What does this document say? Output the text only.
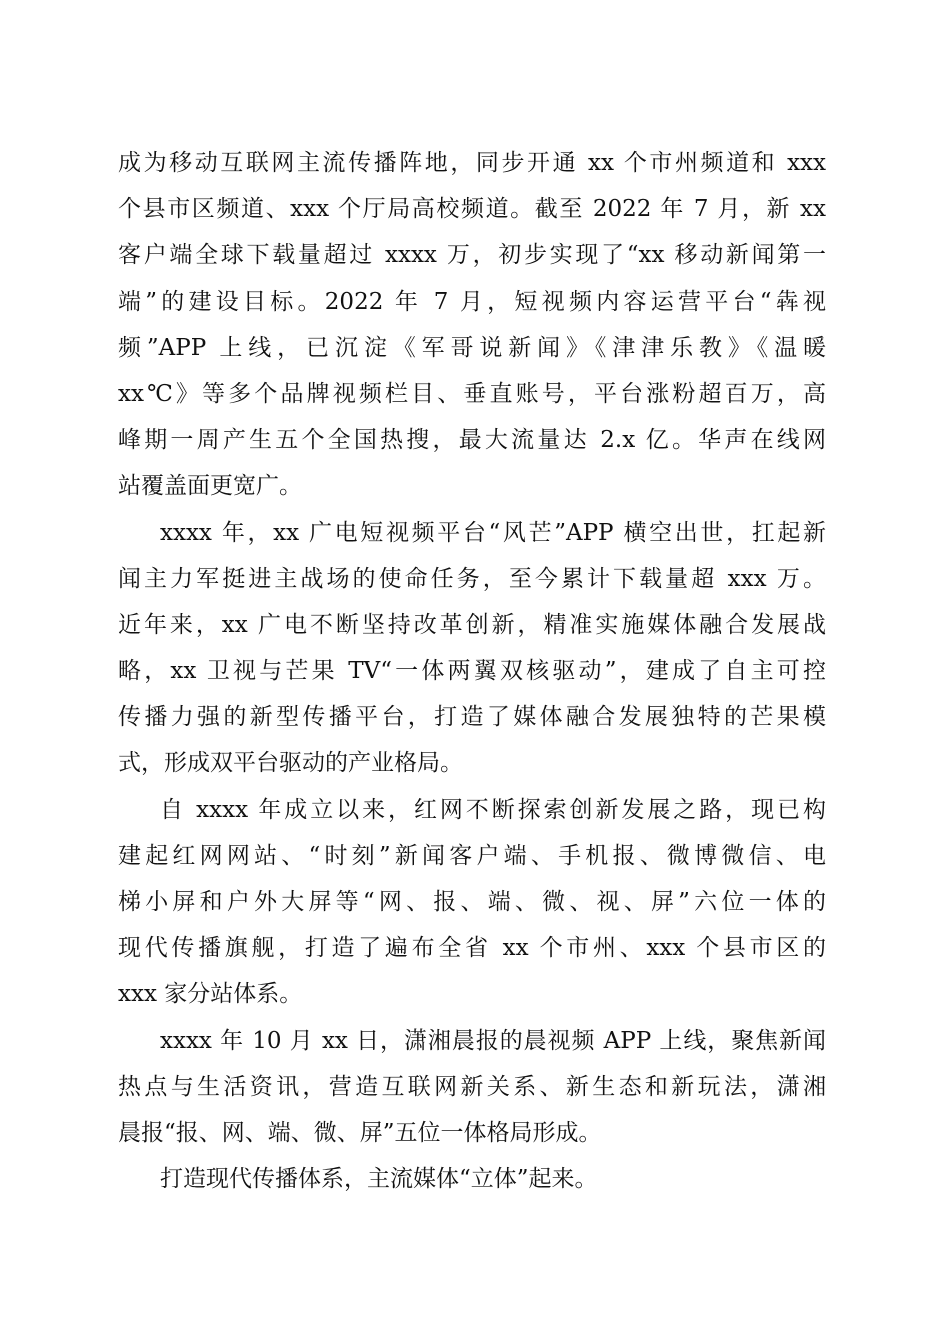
成为移动互联网主流传播阵地，同步开通 xx 个市州频道和 xxx
个县市区频道、xxx 个厅局高校频道。截至 2022 年 7 月，新 xx
客户端全球下载量超过 xxxx 万，初步实现了“xx 移动新闻第一
端”的建设目标。2022 年 7 月，短视频内容运营平台“犇视
频”APP 上线，已沉淀《军哥说新闻》《津津乐教》《温暖
xx℃》等多个品牌视频栏目、垂直账号，平台涨粉超百万，高
峰期一周产生五个全国热搜，最大流量达 2.x 亿。华声在线网
站覆盖面更宽广。
xxxx 年，xx 广电短视频平台“风芒”APP 横空出世，扛起新
闻主力军挺进主战场的使命任务，至今累计下载量超 xxx 万。
近年来，xx 广电不断坚持改革创新，精准实施媒体融合发展战
略，xx 卫视与芒果 TV“一体两翼双核驱动”，建成了自主可控
传播力强的新型传播平台，打造了媒体融合发展独特的芒果模
式，形成双平台驱动的产业格局。
自 xxxx 年成立以来，红网不断探索创新发展之路，现已构
建起红网网站、“时刻”新闻客户端、手机报、微博微信、电
梯小屏和户外大屏等“网、报、端、微、视、屏”六位一体的
现代传播旗舰，打造了遍布全省 xx 个市州、xxx 个县市区的
xxx 家分站体系。
xxxx 年 10 月 xx 日，潇湘晨报的晨视频 APP 上线，聚焦新闻
热点与生活资讯，营造互联网新关系、新生态和新玩法，潇湘
晨报“报、网、端、微、屏”五位一体格局形成。
打造现代传播体系，主流媒体“立体”起来。
